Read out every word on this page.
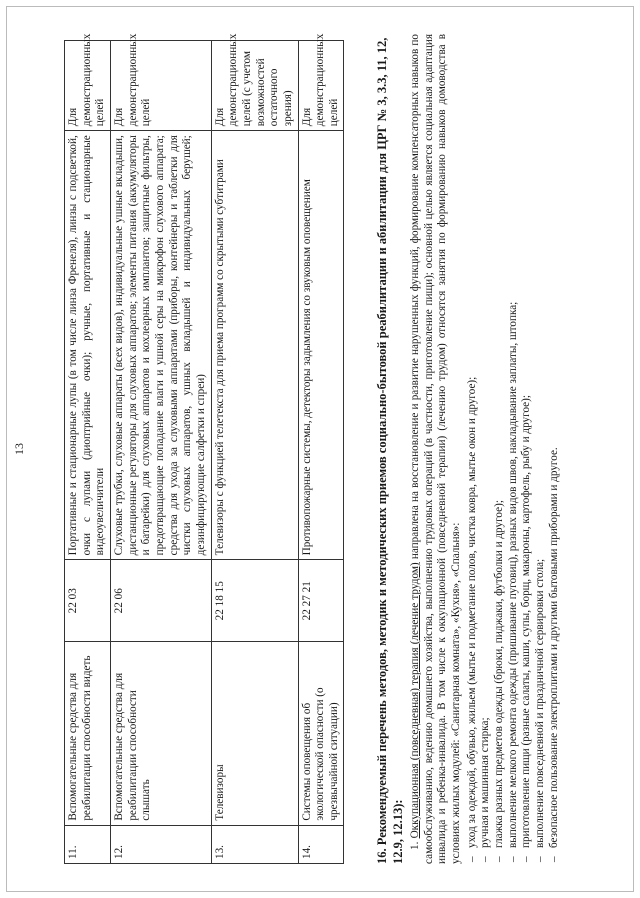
13
11.	Вспомогательные средства для реабилитации способности видеть	22 03	Портативные и стационарные лупы (в том числе линза Френеля), линзы с подсветкой, очки с лупами (диоптрийные очки); ручные, портативные и стационарные видеоувеличители	Для демонстрационных целей
12.	Вспомогательные средства для реабилитации способности слышать	22 06	Слуховые трубки, слуховые аппараты (всех видов), индивидуальные ушные вкладыши, дистанционные регуляторы для слуховых аппаратов; элементы питания (аккумуляторы и батарейки) для слуховых аппаратов и кохлеарных имплантов; защитные фильтры, предотвращающие попадание влаги и ушной серы на микрофон слухового аппарата; средства для ухода за слуховыми аппаратами (приборы, контейнеры и таблетки для чистки слуховых аппаратов, ушных вкладышей и индивидуальных берушей; дезинфицирующие салфетки и спреи)	Для демонстрационных целей
13.	Телевизоры	22 18 15	Телевизоры с функцией телетекста для приема программ со скрытыми субтитрами	Для демонстрационных целей (с учетом возможностей остаточного зрения)
14.	Системы оповещения об экологической опасности (о чрезвычайной ситуации)	22 27 21	Противопожарные системы, детекторы задымления со звуковым оповещением	Для демонстрационных целей	16. Рекомендуемый перечень методов, методик и методических приемов социально-бытовой реабилитации и абилитации для ЦРГ № 3, 3.3, 11, 12, 12.9, 12.13): 1. Оккупационная (повседневная) терапия (лечение трудом) направлена на восстановление и развитие нарушенных функций, формирование компенсаторных навыков по самообслуживанию, ведению домашнего хозяйства, выполнению трудовых операций (в частности, приготовление пищи); основной целью является социальная адаптация инвалида и ребенка-инвалида. В том числе к оккупационной (повседневной терапии) (лечению трудом) относятся занятия по формированию навыков домоводства в условиях жилых модулей: «Санитарная комната», «Кухня», «Спальня»: – уход за одеждой, обувью, жильем (мытье и подметание полов, чистка ковра, мытье окон и другое); – ручная и машинная стирка; – глажка разных предметов одежды (брюки, пиджаки, футболки и другое); – выполнение мелкого ремонта одежды (пришивание пуговиц), разных видов швов, накладывание заплаты, штопка; – приготовление пищи (разные салаты, каши, супы, борщ, макароны, картофель, рыбу и другое); – выполнение повседневной и праздничной сервировки стола; – безопасное пользование электроплитами и другими бытовыми приборами и другое.
